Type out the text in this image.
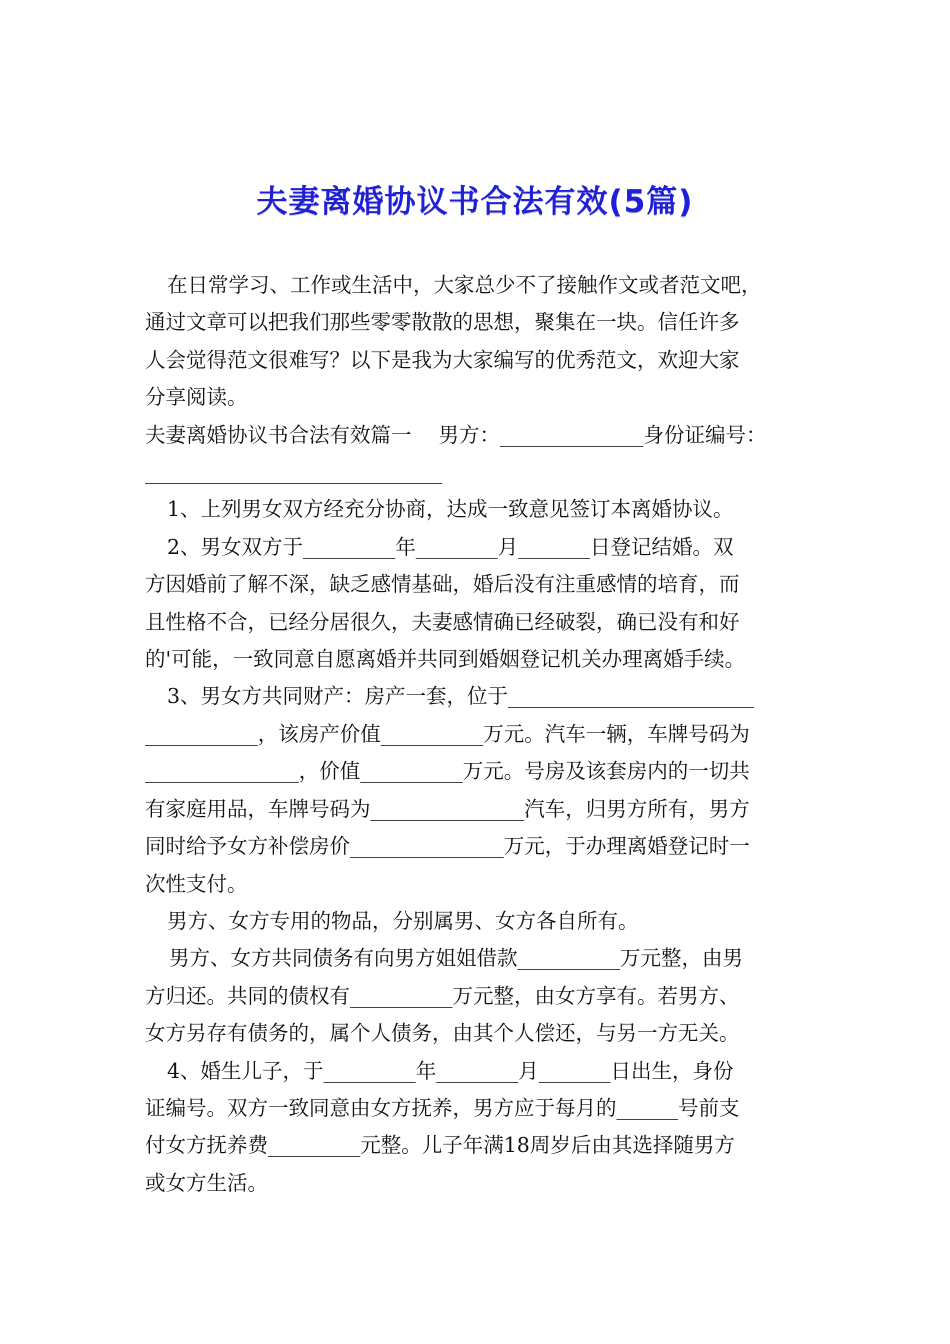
夫妻离婚协议书合法有效(5篇)

在日常学习、工作或生活中，大家总少不了接触作文或者范文吧，

通过文章可以把我们那些零零散散的思想，聚集在一块。信任许多

人会觉得范文很难写？以下是我为大家编写的优秀范文，欢迎大家

分享阅读。

夫妻离婚协议书合法有效篇一　 男方：______________身份证编号：

_____________________________

1、上列男女双方经充分协商，达成一致意见签订本离婚协议。

2、男女双方于_________年________月_______日登记结婚。双

方因婚前了解不深，缺乏感情基础，婚后没有注重感情的培育，而

且性格不合，已经分居很久，夫妻感情确已经破裂，确已没有和好

的'可能，一致同意自愿离婚并共同到婚姻登记机关办理离婚手续。

3、男女方共同财产：房产一套，位于________________________

___________，该房产价值__________万元。汽车一辆，车牌号码为

_______________，价值__________万元。号房及该套房内的一切共

有家庭用品，车牌号码为_______________汽车，归男方所有，男方

同时给予女方补偿房价_______________万元，于办理离婚登记时一

次性支付。

男方、女方专用的物品，分别属男、女方各自所有。

男方、女方共同债务有向男方姐姐借款__________万元整，由男

方归还。共同的债权有__________万元整，由女方享有。若男方、

女方另存有债务的，属个人债务，由其个人偿还，与另一方无关。

4、婚生儿子，于_________年________月_______日出生，身份

证编号。双方一致同意由女方抚养，男方应于每月的______号前支

付女方抚养费_________元整。儿子年满18周岁后由其选择随男方

或女方生活。
